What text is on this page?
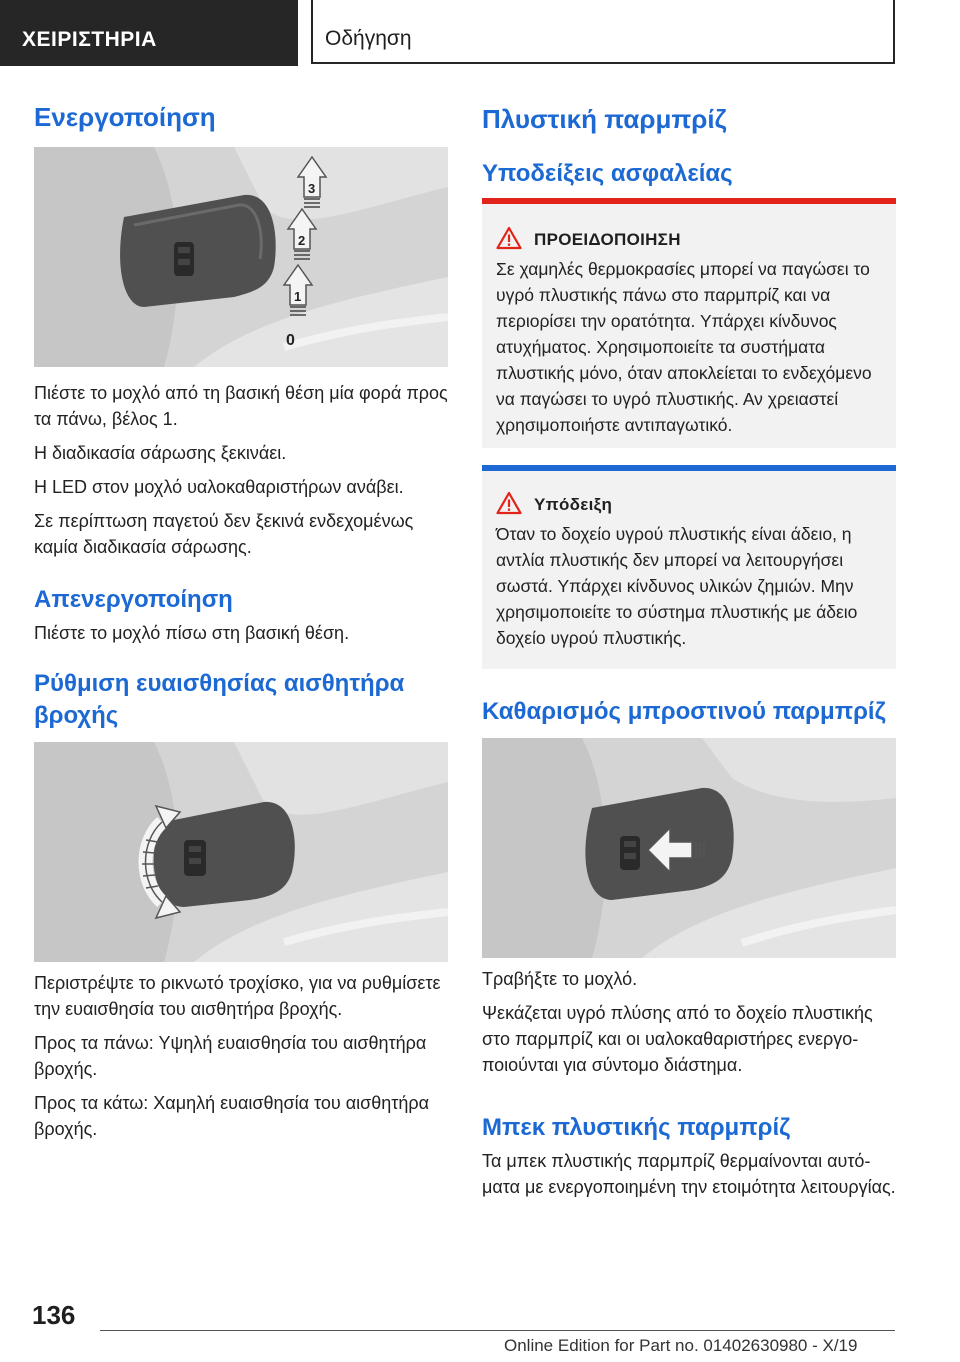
ΧΕΙΡΙΣΤΗΡΙΑ	Οδήγηση
Ενεργοποίηση
3
2
1
0
Πιέστε το μοχλό από τη βασική θέση μία φορά προς τα πάνω, βέλος 1.
Η διαδικασία σάρωσης ξεκινάει.
Η LED στον μοχλό υαλοκαθαριστήρων ανάβει.
Σε περίπτωση παγετού δεν ξεκινά ενδεχομένως καμία διαδικασία σάρωσης.
Απενεργοποίηση
Πιέστε το μοχλό πίσω στη βασική θέση.
Ρύθμιση ευαισθησίας αισθητήρα
βροχής
Περιστρέψτε το ρικνωτό τροχίσκο, για να ρυθμίσετε την ευαισθησία του αισθητήρα βροχής.
Προς τα πάνω: Υψηλή ευαισθησία του αισθητήρα βροχής.
Προς τα κάτω: Χαμηλή ευαισθησία του αισθητήρα βροχής.
Πλυστική παρμπρίζ
Υποδείξεις ασφαλείας
ΠΡΟΕΙΔΟΠΟΙΗΣΗ
Σε χαμηλές θερμοκρασίες μπορεί να παγώσει το υγρό πλυστικής πάνω στο παρμπρίζ και να περιορίσει την ορατότητα. Υπάρχει κίνδυνος ατυχήματος. Χρησιμοποιείτε τα συστήματα πλυστικής μόνο, όταν αποκλείεται το ενδεχόμενο να παγώσει το υγρό πλυστικής. Αν χρειαστεί χρησιμοποιήστε αντιπαγωτικό.
Υπόδειξη
Όταν το δοχείο υγρού πλυστικής είναι άδειο, η αντλία πλυστικής δεν μπορεί να λειτουργήσει σωστά. Υπάρχει κίνδυνος υλικών ζημιών. Μην χρησιμοποιείτε το σύστημα πλυστικής με άδειο δοχείο υγρού πλυστικής.
Καθαρισμός μπροστινού παρμπρίζ
Τραβήξτε το μοχλό.
Ψεκάζεται υγρό πλύσης από το δοχείο πλυστικής στο παρμπρίζ και οι υαλοκαθαριστήρες ενεργοποιούνται για σύντομο διάστημα.
Μπεκ πλυστικής παρμπρίζ
Τα μπεκ πλυστικής παρμπρίζ θερμαίνονται αυτόματα με ενεργοποιημένη την ετοιμότητα λειτουργίας.
136
Online Edition for Part no. 01402630980 - X/19
